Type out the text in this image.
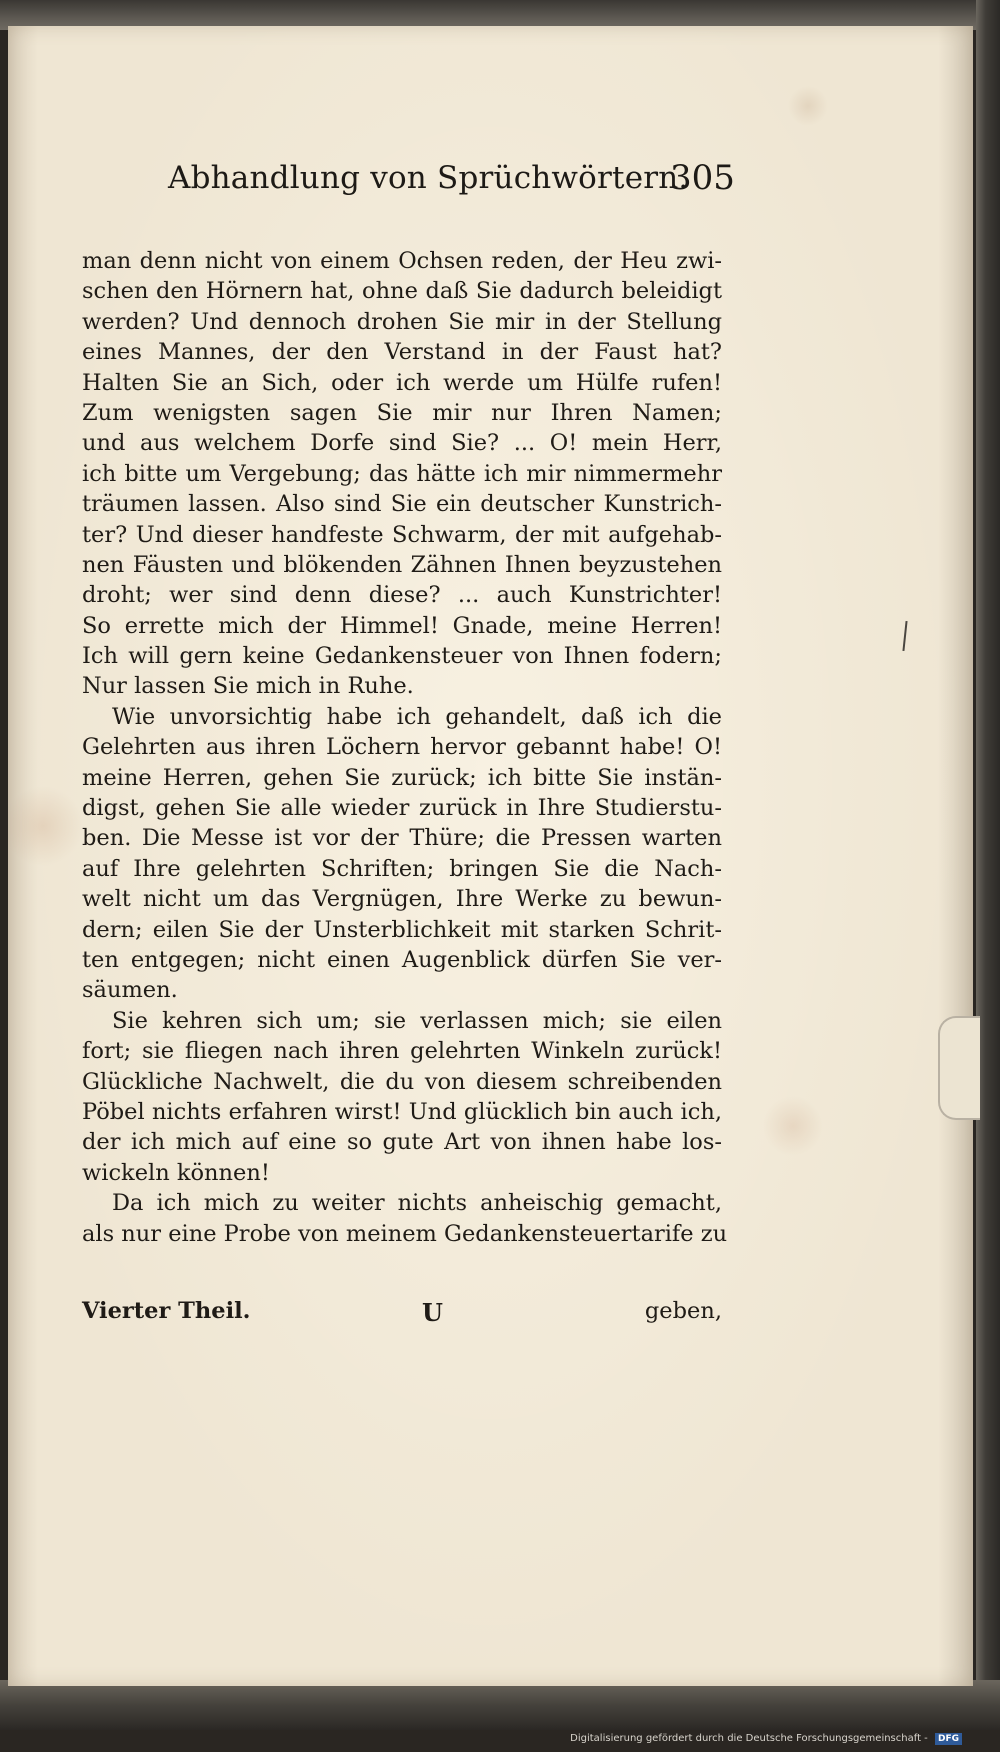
Abhandlung von Sprüchwörtern.
305
man denn nicht von einem Ochsen reden, der Heu zwi-
schen den Hörnern hat, ohne daß Sie dadurch beleidigt
werden? Und dennoch drohen Sie mir in der Stellung
eines Mannes, der den Verstand in der Faust hat?
Halten Sie an Sich, oder ich werde um Hülfe rufen!
Zum wenigsten sagen Sie mir nur Ihren Namen;
und aus welchem Dorfe sind Sie? ... O! mein Herr,
ich bitte um Vergebung; das hätte ich mir nimmermehr
träumen lassen. Also sind Sie ein deutscher Kunstrich-
ter? Und dieser handfeste Schwarm, der mit aufgehab-
nen Fäusten und blökenden Zähnen Ihnen beyzustehen
droht; wer sind denn diese? ... auch Kunstrichter!
So errette mich der Himmel! Gnade, meine Herren!
Ich will gern keine Gedankensteuer von Ihnen fodern;
Nur lassen Sie mich in Ruhe.
Wie unvorsichtig habe ich gehandelt, daß ich die
Gelehrten aus ihren Löchern hervor gebannt habe! O!
meine Herren, gehen Sie zurück; ich bitte Sie instän-
digst, gehen Sie alle wieder zurück in Ihre Studierstu-
ben. Die Messe ist vor der Thüre; die Pressen warten
auf Ihre gelehrten Schriften; bringen Sie die Nach-
welt nicht um das Vergnügen, Ihre Werke zu bewun-
dern; eilen Sie der Unsterblichkeit mit starken Schrit-
ten entgegen; nicht einen Augenblick dürfen Sie ver-
säumen.
Sie kehren sich um; sie verlassen mich; sie eilen
fort; sie fliegen nach ihren gelehrten Winkeln zurück!
Glückliche Nachwelt, die du von diesem schreibenden
Pöbel nichts erfahren wirst! Und glücklich bin auch ich,
der ich mich auf eine so gute Art von ihnen habe los-
wickeln können!
Da ich mich zu weiter nichts anheischig gemacht,
als nur eine Probe von meinem Gedankensteuertarife zu
Vierter Theil.	U	geben,
Digitalisierung gefördert durch die Deutsche Forschungsgemeinschaft - DFG
